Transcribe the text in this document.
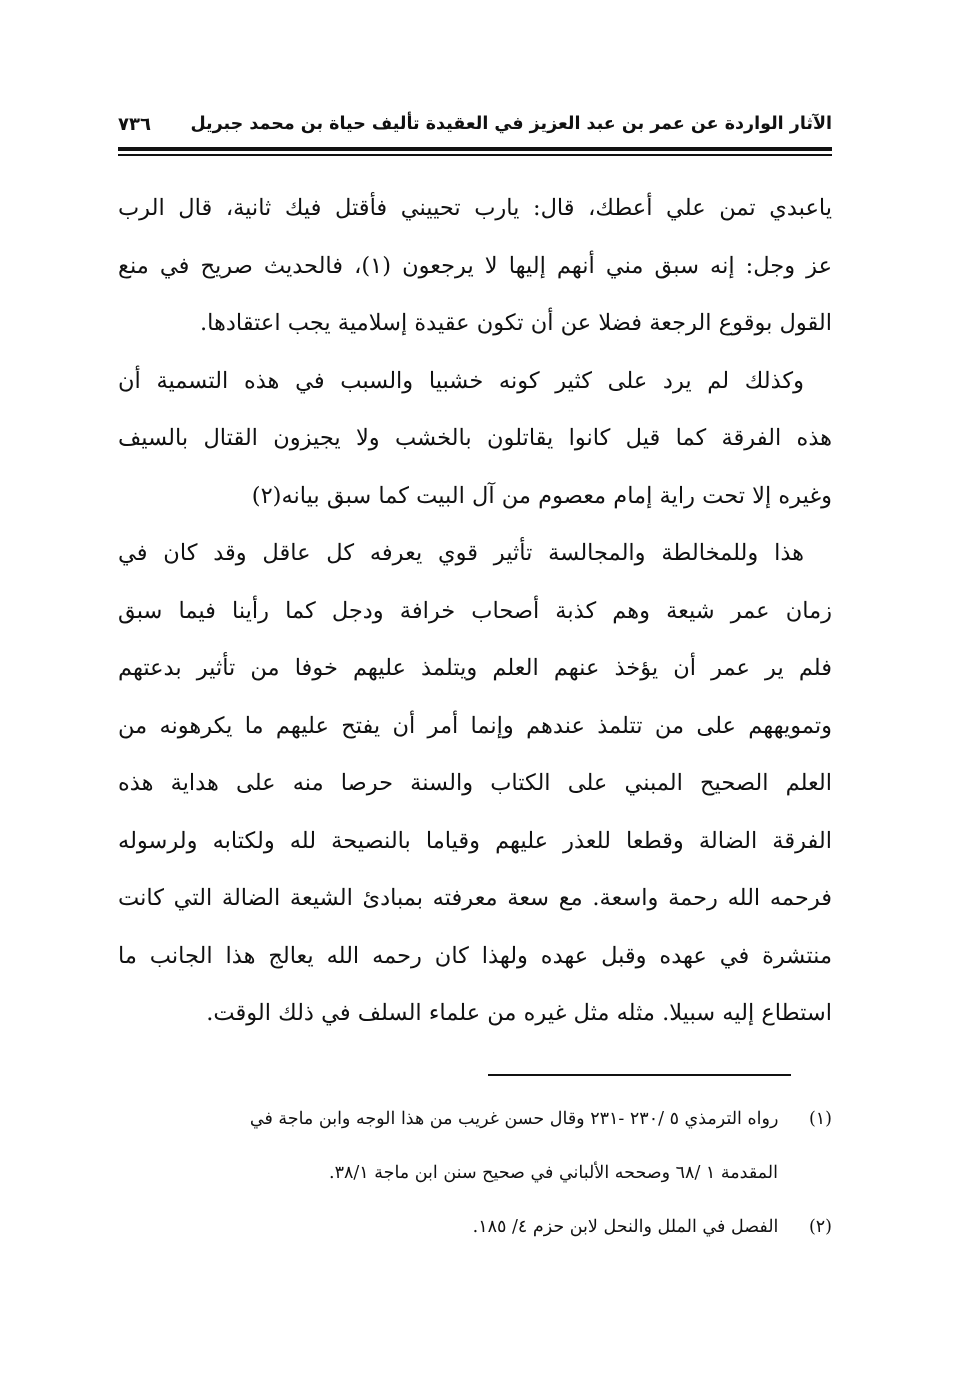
الآثار الواردة عن عمر بن عبد العزيز في العقيدة تأليف حياة بن محمد جبريل
٧٣٦
ياعبدي تمن علي أعطك، قال: يارب تحييني فأقتل فيك ثانية، قال الرب
عز وجل: إنه سبق مني أنهم إليها لا يرجعون (١)، فالحديث صريح في منع
القول بوقوع الرجعة فضلا عن أن تكون عقيدة إسلامية يجب اعتقادها.
وكذلك لم يرد على كثير كونه خشبيا والسبب في هذه التسمية أن
هذه الفرقة كما قيل كانوا يقاتلون بالخشب ولا يجيزون القتال بالسيف
وغيره إلا تحت راية إمام معصوم من آل البيت كما سبق بيانه(٢)
هذا وللمخالطة والمجالسة تأثير قوي يعرفه كل عاقل وقد كان في
زمان عمر شيعة وهم كذبة أصحاب خرافة ودجل كما رأينا فيما سبق
فلم ير عمر أن يؤخذ عنهم العلم ويتلمذ عليهم خوفا من تأثير بدعتهم
وتمويههم على من تتلمذ عندهم وإنما أمر أن يفتح عليهم ما يكرهونه من
العلم الصحيح المبني على الكتاب والسنة حرصا منه على هداية هذه
الفرقة الضالة وقطعا للعذر عليهم وقياما بالنصيحة لله ولكتابه ولرسوله
فرحمه الله رحمة واسعة. مع سعة معرفته بمبادئ الشيعة الضالة التي كانت
منتشرة في عهده وقبل عهده ولهذا كان رحمه الله يعالج هذا الجانب ما
استطاع إليه سبيلا. مثله مثل غيره من علماء السلف في ذلك الوقت.
(١) رواه الترمذي ٥ /٢٣٠ -٢٣١ وقال حسن غريب من هذا الوجه وابن ماجة في
المقدمة ١ /٦٨ وصححه الألباني في صحيح سنن ابن ماجة ٣٨/١.
(٢) الفصل في الملل والنحل لابن حزم ٤/ ١٨٥.
